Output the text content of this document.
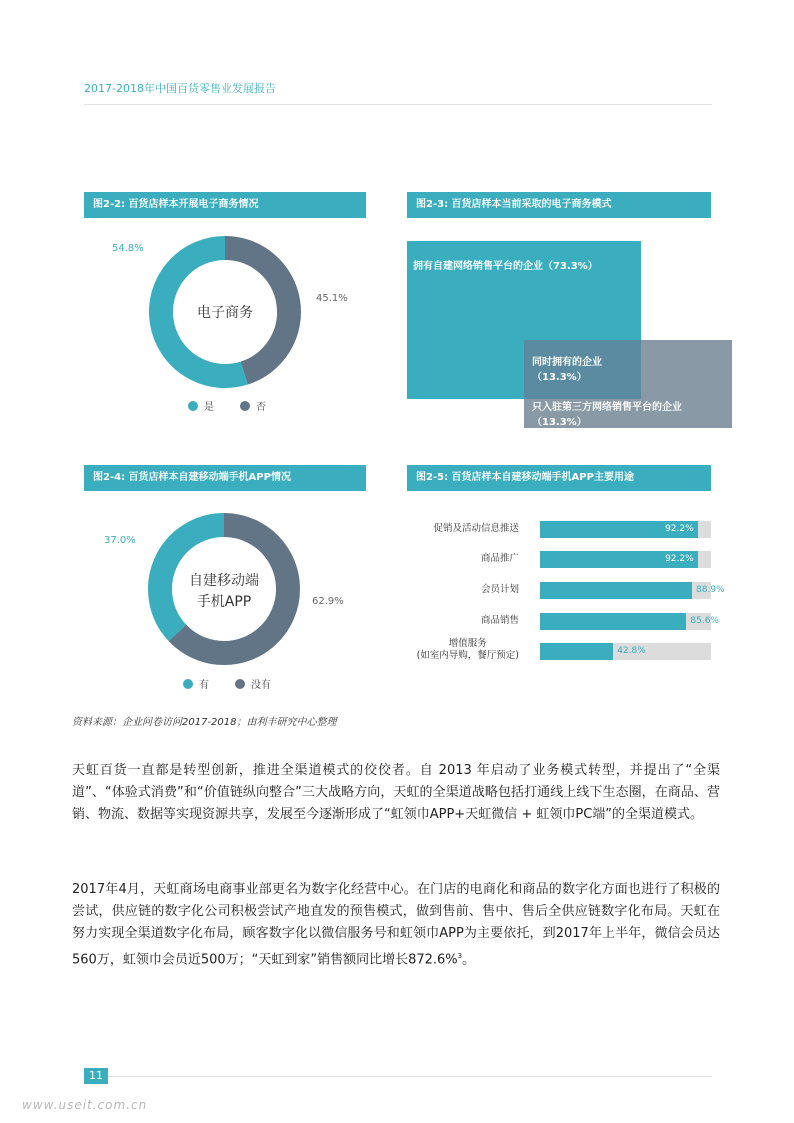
2017-2018年中国百货零售业发展报告
图2-2: 百货店样本开展电子商务情况
电子商务
54.8%
45.1%
是	否
图2-3: 百货店样本当前采取的电子商务模式
拥有自建网络销售平台的企业（73.3%）
同时拥有的企业
（13.3%）
只入驻第三方网络销售平台的企业
（13.3%）
图2-4: 百货店样本自建移动端手机APP情况
自建移动端
手机APP
37.0%
62.9%
有	没有
图2-5: 百货店样本自建移动端手机APP主要用途
92.2%
促销及活动信息推送
92.2%
商品推广
88.9%
会员计划
85.6%
商品销售
42.8%
增值服务
(如室内导购，餐厅预定)
资料来源：企业问卷访问2017-2018；由利丰研究中心整理

天虹百货一直都是转型创新，推进全渠道模式的佼佼者。自 2013 年启动了业务模式转型，并提出了“全渠道”、“体验式消费”和“价值链纵向整合”三大战略方向，天虹的全渠道战略包括打通线上线下生态圈，在商品、营销、物流、数据等实现资源共享，发展至今逐渐形成了“虹领巾APP+天虹微信 + 虹领巾PC端”的全渠道模式。

2017年4月，天虹商场电商事业部更名为数字化经营中心。在门店的电商化和商品的数字化方面也进行了积极的尝试，供应链的数字化公司积极尝试产地直发的预售模式，做到售前、售中、售后全供应链数字化布局。天虹在努力实现全渠道数字化布局，顾客数字化以微信服务号和虹领巾APP为主要依托，到2017年上半年，微信会员达560万，虹领巾会员近500万；“天虹到家”销售额同比增长872.6%$^3$。

11
www.useit.com.cn
